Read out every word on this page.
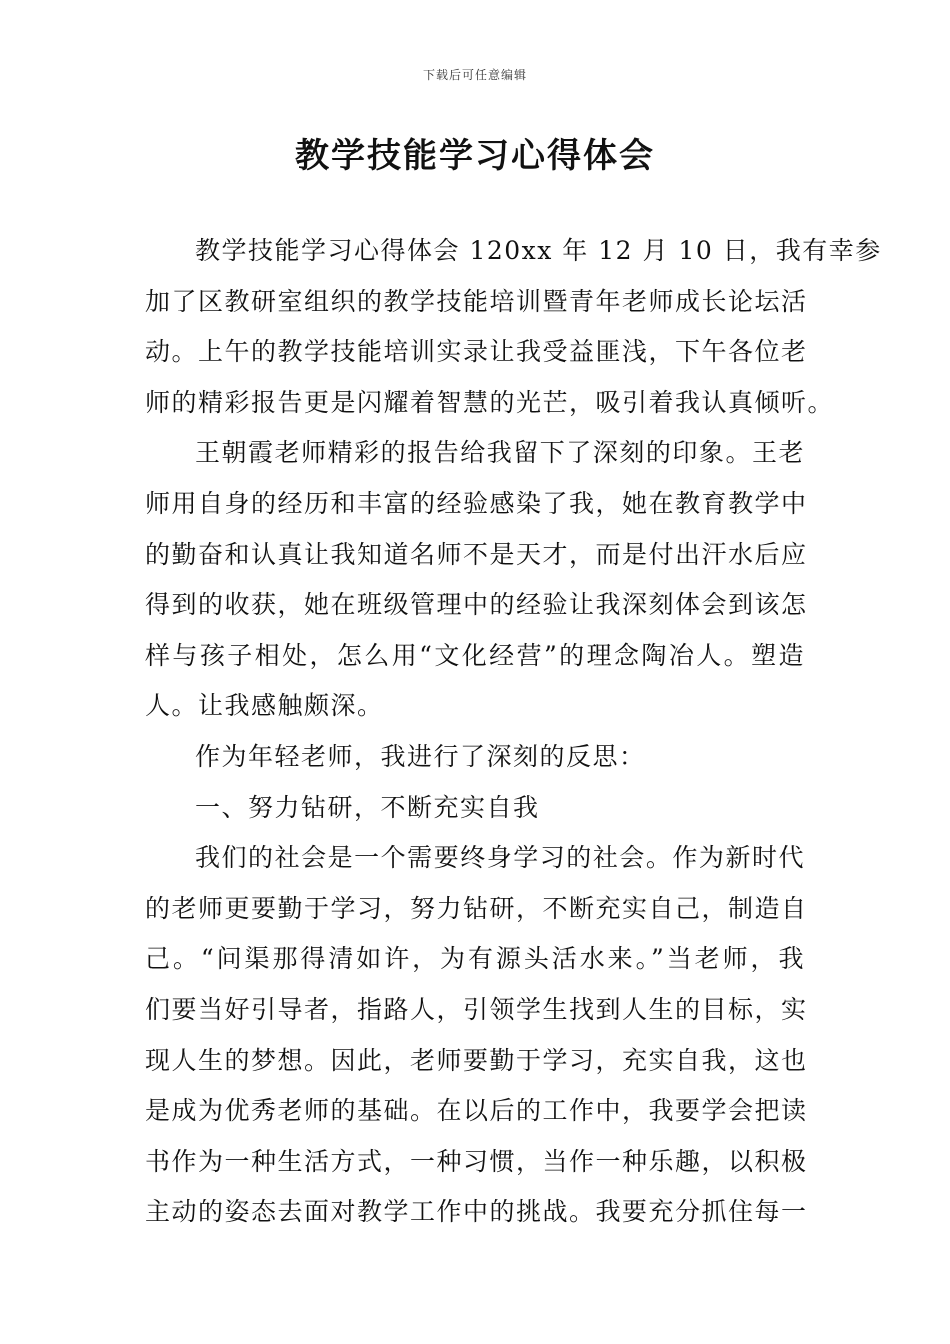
下载后可任意编辑
教学技能学习心得体会
教学技能学习心得体会 120xx 年 12 月 10 日，我有幸参
加了区教研室组织的教学技能培训暨青年老师成长论坛活
动。上午的教学技能培训实录让我受益匪浅，下午各位老
师的精彩报告更是闪耀着智慧的光芒，吸引着我认真倾听。
王朝霞老师精彩的报告给我留下了深刻的印象。王老
师用自身的经历和丰富的经验感染了我，她在教育教学中
的勤奋和认真让我知道名师不是天才，而是付出汗水后应
得到的收获，她在班级管理中的经验让我深刻体会到该怎
样与孩子相处，怎么用“文化经营”的理念陶冶人。塑造
人。让我感触颇深。
作为年轻老师，我进行了深刻的反思：
一、努力钻研，不断充实自我
我们的社会是一个需要终身学习的社会。作为新时代
的老师更要勤于学习，努力钻研，不断充实自己，制造自
己。“问渠那得清如许，为有源头活水来。”当老师，我
们要当好引导者，指路人，引领学生找到人生的目标，实
现人生的梦想。因此，老师要勤于学习，充实自我，这也
是成为优秀老师的基础。在以后的工作中，我要学会把读
书作为一种生活方式，一种习惯，当作一种乐趣，以积极
主动的姿态去面对教学工作中的挑战。我要充分抓住每一
